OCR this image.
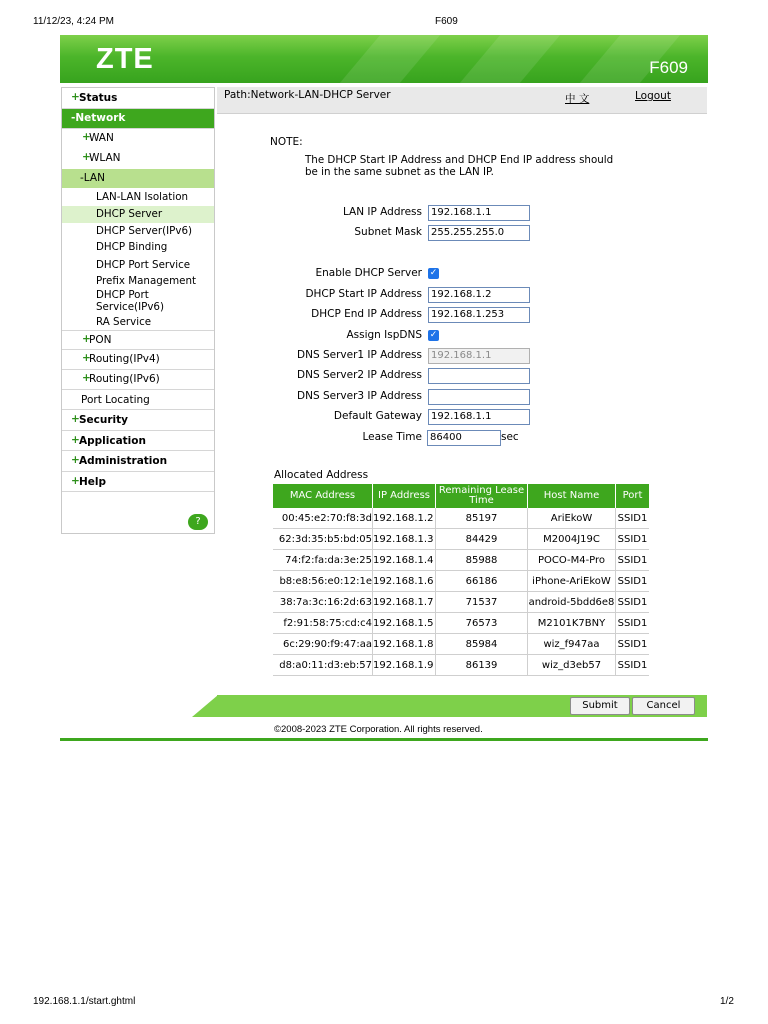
11/12/23, 4:24 PM	F609
ZTE	F609
+ Status
-Network
+
WAN
+
WLAN
-LAN
LAN-LAN Isolation
DHCP Server
DHCP Server(IPv6)
DHCP Binding
DHCP Port Service
Prefix Management
DHCP Port Service(IPv6)
RA Service
+
PON
+
Routing(IPv4)
+
Routing(IPv6)
Port Locating
+ Security
+ Application
+ Administration
+ Help
?
Path:Network-LAN-DHCP Server	中 文	Logout
NOTE:
The DHCP Start IP Address and DHCP End IP address should
be in the same subnet as the LAN IP.
LAN IP Address 192.168.1.1
Subnet Mask 255.255.255.0
Enable DHCP Server ✓
DHCP Start IP Address 192.168.1.2
DHCP End IP Address 192.168.1.253
Assign IspDNS ✓
DNS Server1 IP Address 192.168.1.1
DNS Server2 IP Address
DNS Server3 IP Address
Default Gateway 192.168.1.1
Lease Time 86400	sec
Allocated Address
MAC Address	IP Address	Remaining Lease Time	Host Name	Port
00:45:e2:70:f8:3d	192.168.1.2	85197	AriEkoW	SSID1
62:3d:35:b5:bd:05	192.168.1.3	84429	M2004J19C	SSID1
74:f2:fa:da:3e:25	192.168.1.4	85988	POCO-M4-Pro	SSID1
b8:e8:56:e0:12:1e	192.168.1.6	66186	iPhone-AriEkoW	SSID1
38:7a:3c:16:2d:63	192.168.1.7	71537	android-5bdd6e8	SSID1
f2:91:58:75:cd:c4	192.168.1.5	76573	M2101K7BNY	SSID1
6c:29:90:f9:47:aa	192.168.1.8	85984	wiz_f947aa	SSID1
d8:a0:11:d3:eb:57	192.168.1.9	86139	wiz_d3eb57	SSID1
Submit	Cancel
©2008-2023 ZTE Corporation. All rights reserved.
192.168.1.1/start.ghtml	1/2
